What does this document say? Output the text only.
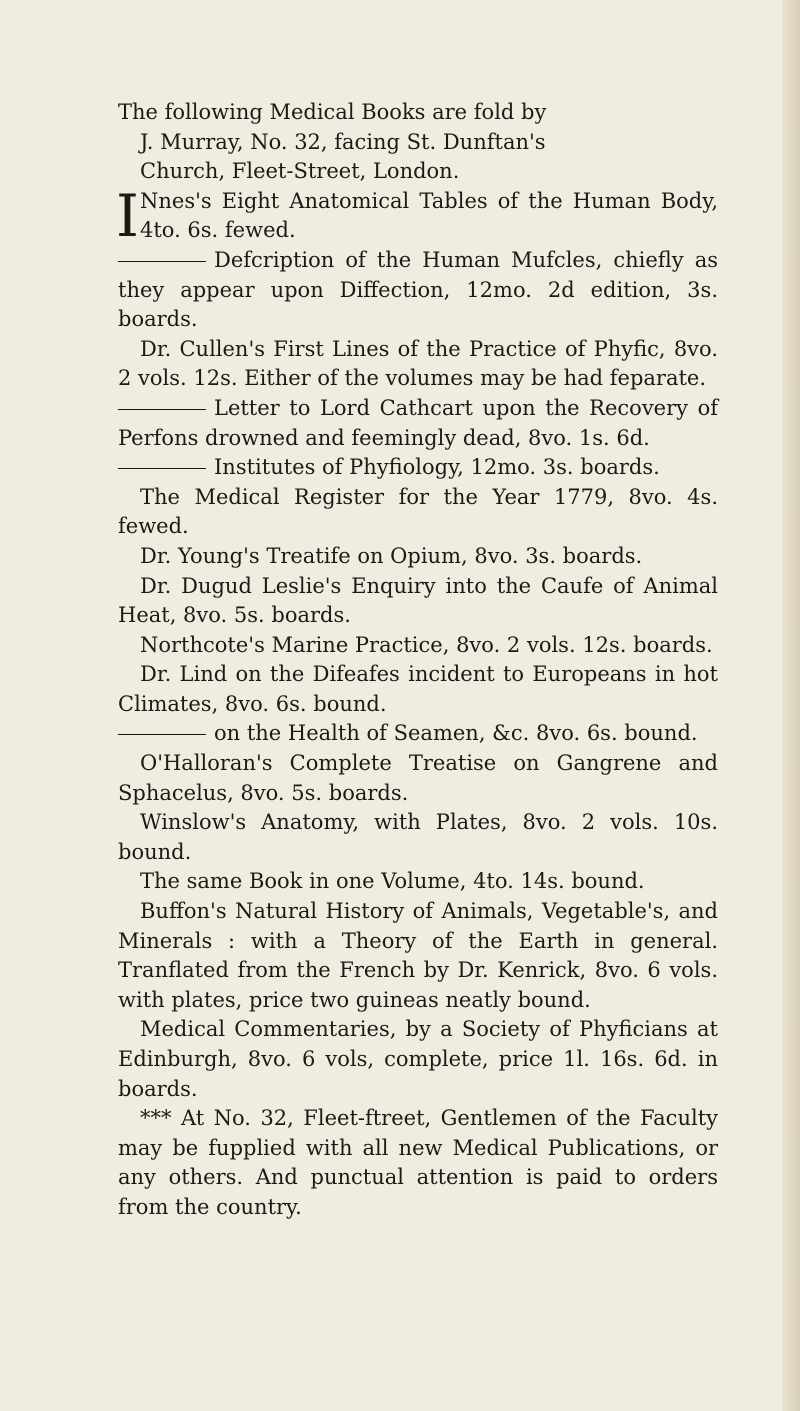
The following Medical Books are fold by
J. Murray, No. 32, facing St. Dunftan's
Church, Fleet-Street, London.

I Nnes's Eight Anatomical Tables of the Human Body, 4to. 6s. fewed.

Defcription of the Human Mufcles, chiefly as they appear upon Diffection, 12mo. 2d edition, 3s. boards.

Dr. Cullen's First Lines of the Practice of Phyfic, 8vo. 2 vols. 12s. Either of the volumes may be had feparate.

Letter to Lord Cathcart upon the Recovery of Perfons drowned and feemingly dead, 8vo. 1s. 6d.

Institutes of Phyfiology, 12mo. 3s. boards.

The Medical Register for the Year 1779, 8vo. 4s. fewed.

Dr. Young's Treatife on Opium, 8vo. 3s. boards.

Dr. Dugud Leslie's Enquiry into the Caufe of Animal Heat, 8vo. 5s. boards.

Northcote's Marine Practice, 8vo. 2 vols. 12s. boards.

Dr. Lind on the Difeafes incident to Europeans in hot Climates, 8vo. 6s. bound.

on the Health of Seamen, &c. 8vo. 6s. bound.

O'Halloran's Complete Treatise on Gangrene and Sphacelus, 8vo. 5s. boards.

Winslow's Anatomy, with Plates, 8vo. 2 vols. 10s. bound.

The same Book in one Volume, 4to. 14s. bound.

Buffon's Natural History of Animals, Vegetable's, and Minerals : with a Theory of the Earth in general. Tranflated from the French by Dr. Kenrick, 8vo. 6 vols. with plates, price two guineas neatly bound.

Medical Commentaries, by a Society of Phyficians at Edinburgh, 8vo. 6 vols, complete, price 1l. 16s. 6d. in boards.

*** At No. 32, Fleet-ftreet, Gentlemen of the Faculty may be fupplied with all new Medical Publications, or any others. And punctual attention is paid to orders from the country.
